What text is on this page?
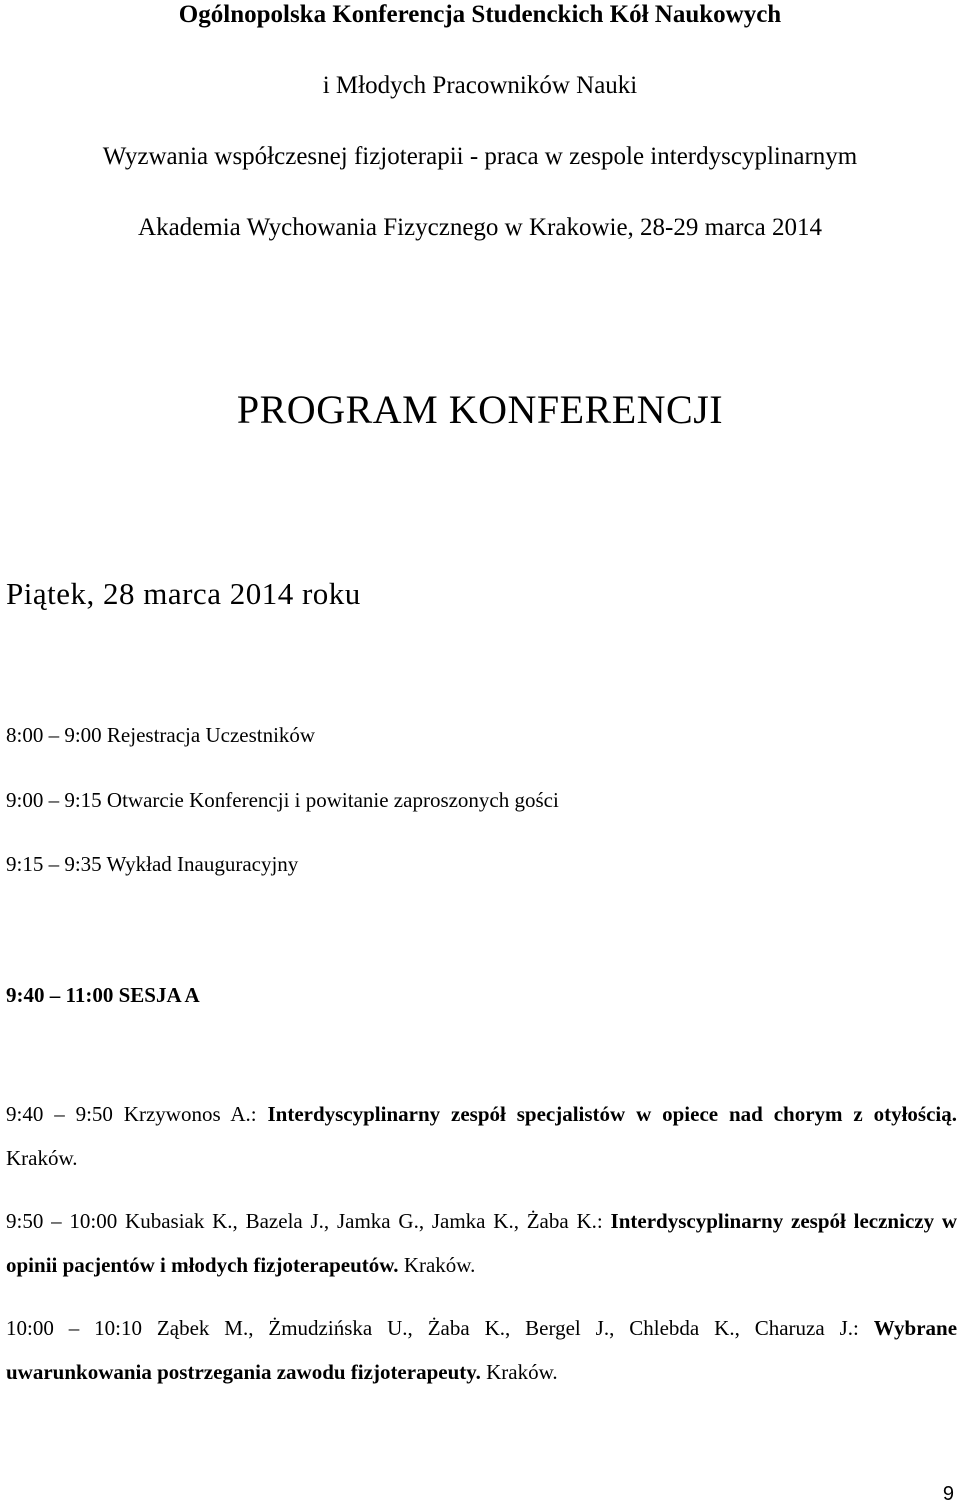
Ogólnopolska Konferencja Studenckich Kół Naukowych
i Młodych Pracowników Nauki
Wyzwania współczesnej fizjoterapii - praca w zespole interdyscyplinarnym
Akademia Wychowania Fizycznego w Krakowie, 28-29 marca 2014
PROGRAM KONFERENCJI
Piątek, 28 marca 2014 roku
8:00 – 9:00 Rejestracja Uczestników
9:00 – 9:15 Otwarcie Konferencji i powitanie zaproszonych gości
9:15 – 9:35 Wykład Inauguracyjny
9:40 – 11:00 SESJA A
9:40 – 9:50 Krzywonos A.: Interdyscyplinarny zespół specjalistów w opiece nad chorym z otyłością. Kraków.
9:50 – 10:00 Kubasiak K., Bazela J., Jamka G., Jamka K., Żaba K.: Interdyscyplinarny zespół leczniczy w opinii pacjentów i młodych fizjoterapeutów. Kraków.
10:00 – 10:10 Ząbek M., Żmudzińska U., Żaba K., Bergel J., Chlebda K., Charuza J.: Wybrane uwarunkowania postrzegania zawodu fizjoterapeuty. Kraków.
9
